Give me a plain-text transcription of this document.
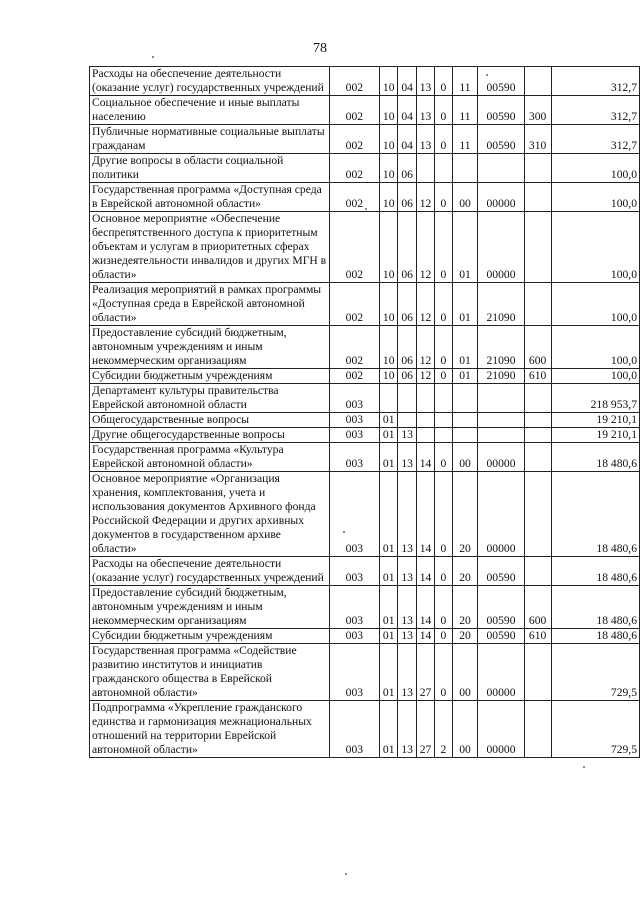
78
Расходы на обеспечение деятельности (оказание услуг) государственных учреждений	002	10	04	13	0	11	00590		312,7
Социальное обеспечение и иные выплаты населению	002	10	04	13	0	11	00590	300	312,7
Публичные нормативные социальные выплаты гражданам	002	10	04	13	0	11	00590	310	312,7
Другие вопросы в области социальной политики	002	10	06						100,0
Государственная программа «Доступная среда в Еврейской автономной области»	002	10	06	12	0	00	00000		100,0
Основное мероприятие «Обеспечение беспрепятственного доступа к приоритетным объектам и услугам в приоритетных сферах жизнедеятельности инвалидов и других МГН в области»	002	10	06	12	0	01	00000		100,0
Реализация мероприятий в рамках программы «Доступная среда в Еврейской автономной области»	002	10	06	12	0	01	21090		100,0
Предоставление субсидий бюджетным, автономным учреждениям и иным некоммерческим организациям	002	10	06	12	0	01	21090	600	100,0
Субсидии бюджетным учреждениям	002	10	06	12	0	01	21090	610	100,0
Департамент культуры правительства Еврейской автономной области	003								218 953,7
Общегосударственные вопросы	003	01							19 210,1
Другие общегосударственные вопросы	003	01	13						19 210,1
Государственная программа «Культура Еврейской автономной области»	003	01	13	14	0	00	00000		18 480,6
Основное мероприятие «Организация хранения, комплектования, учета и использования документов Архивного фонда Российской Федерации и других архивных документов в государственном архиве области»	003	01	13	14	0	20	00000		18 480,6
Расходы на обеспечение деятельности (оказание услуг) государственных учреждений	003	01	13	14	0	20	00590		18 480,6
Предоставление субсидий бюджетным, автономным учреждениям и иным некоммерческим организациям	003	01	13	14	0	20	00590	600	18 480,6
Субсидии бюджетным учреждениям	003	01	13	14	0	20	00590	610	18 480,6
Государственная программа «Содействие развитию институтов и инициатив гражданского общества в Еврейской автономной области»	003	01	13	27	0	00	00000		729,5
Подпрограмма «Укрепление гражданского единства и гармонизация межнациональных отношений на территории Еврейской автономной области»	003	01	13	27	2	00	00000		729,5
